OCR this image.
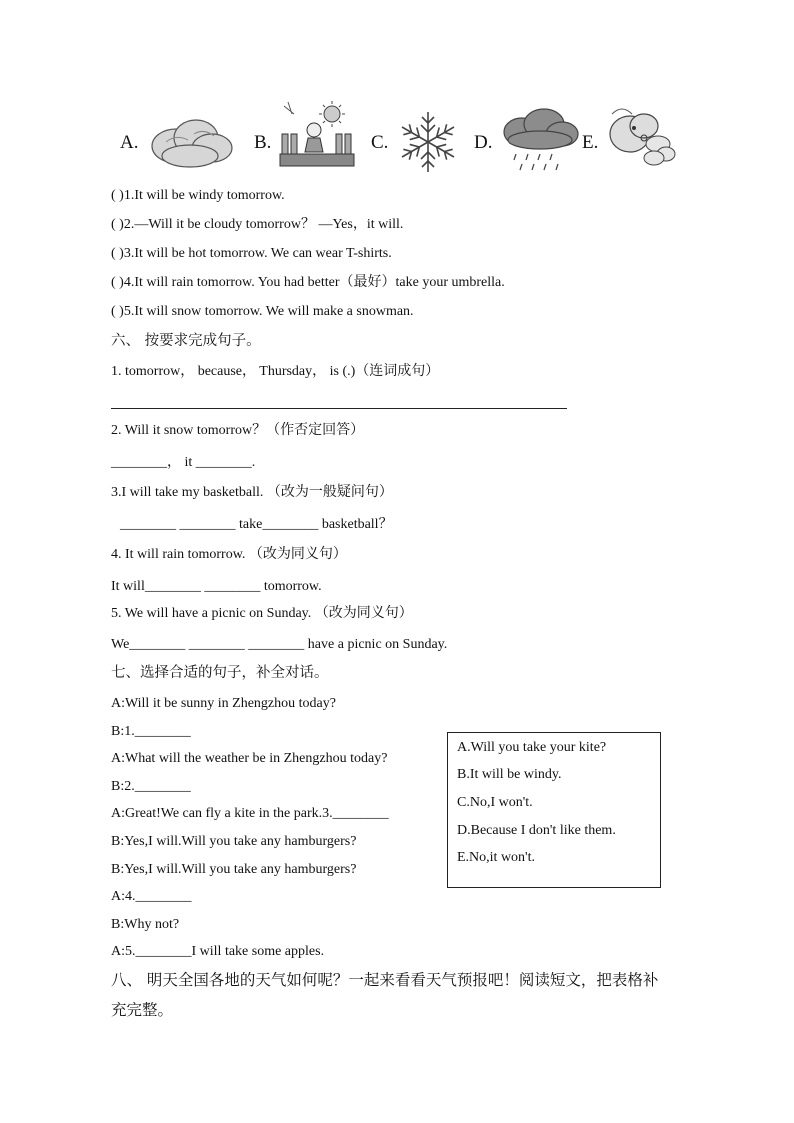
A.	B.	C.	D.	E.
( )1.It will be windy tomorrow.
( )2.—Will it be cloudy tomorrow？ —Yes，it will.
( )3.It will be hot tomorrow. We can wear T-shirts.
( )4.It will rain tomorrow. You had better（最好）take your umbrella.
( )5.It will snow tomorrow. We will make a snowman.
六、 按要求完成句子。
1. tomorrow， because， Thursday， is (.)（连词成句）
2. Will it snow tomorrow？（作否定回答）
________， it ________.
3.I will take my basketball. （改为一般疑问句）
________ ________ take________ basketball？
4. It will rain tomorrow. （改为同义句）
It will________ ________ tomorrow.
5. We will have a picnic on Sunday. （改为同义句）
We________ ________ ________ have a picnic on Sunday.
七、选择合适的句子，补全对话。
A:Will it be sunny in Zhengzhou today?
B:1.________
A:What will the weather be in Zhengzhou today?
B:2.________
A:Great!We can fly a kite in the park.3.________
B:Yes,I will.Will you take any hamburgers?
B:Yes,I will.Will you take any hamburgers?
A:4.________
B:Why not?
A:5.________I will take some apples.
A.Will you take your kite?
B.It will be windy.
C.No,I won't.
D.Because I don't like them.
E.No,it won't.
八、 明天全国各地的天气如何呢？一起来看看天气预报吧！阅读短文，把表格补
充完整。
